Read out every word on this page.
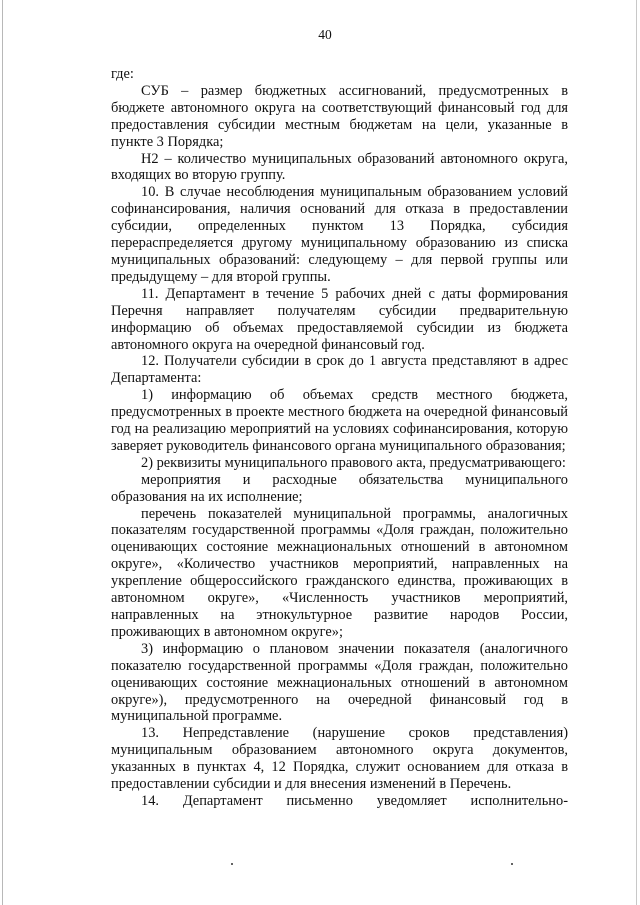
40

где:

СУБ – размер бюджетных ассигнований, предусмотренных в бюджете автономного округа на соответствующий финансовый год для предоставления субсидии местным бюджетам на цели, указанные в пункте 3 Порядка;

Н2 – количество муниципальных образований автономного округа, входящих во вторую группу.

10. В случае несоблюдения муниципальным образованием условий софинансирования, наличия оснований для отказа в предоставлении субсидии, определенных пунктом 13 Порядка, субсидия перераспределяется другому муниципальному образованию из списка муниципальных образований: следующему – для первой группы или предыдущему – для второй группы.

11. Департамент в течение 5 рабочих дней с даты формирования Перечня направляет получателям субсидии предварительную информацию об объемах предоставляемой субсидии из бюджета автономного округа на очередной финансовый год.

12. Получатели субсидии в срок до 1 августа представляют в адрес Департамента:

1) информацию об объемах средств местного бюджета, предусмотренных в проекте местного бюджета на очередной финансовый год на реализацию мероприятий на условиях софинансирования, которую заверяет руководитель финансового органа муниципального образования;

2) реквизиты муниципального правового акта, предусматривающего:

мероприятия и расходные обязательства муниципального образования на их исполнение;

перечень показателей муниципальной программы, аналогичных показателям государственной программы «Доля граждан, положительно оценивающих состояние межнациональных отношений в автономном округе», «Количество участников мероприятий, направленных на укрепление общероссийского гражданского единства, проживающих в автономном округе», «Численность участников мероприятий, направленных на этнокультурное развитие народов России, проживающих в автономном округе»;

3) информацию о плановом значении показателя (аналогичного показателю государственной программы «Доля граждан, положительно оценивающих состояние межнациональных отношений в автономном округе»), предусмотренного на очередной финансовый год в муниципальной программе.

13. Непредставление (нарушение сроков представления) муниципальным образованием автономного округа документов, указанных в пунктах 4, 12 Порядка, служит основанием для отказа в предоставлении субсидии и для внесения изменений в Перечень.

14. Департамент письменно уведомляет исполнительно-
